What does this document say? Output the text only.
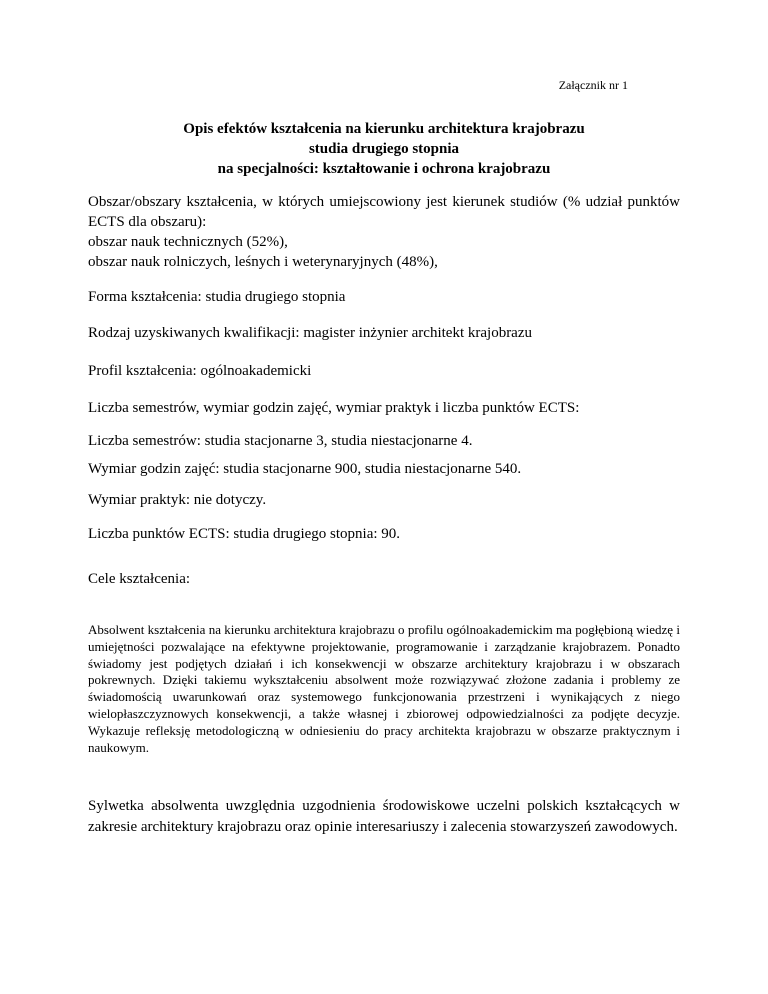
Załącznik nr 1
Opis efektów kształcenia na kierunku architektura krajobrazu
studia drugiego stopnia
na specjalności: kształtowanie i ochrona krajobrazu

Obszar/obszary kształcenia, w których umiejscowiony jest kierunek studiów (% udział punktów ECTS dla obszaru):

obszar nauk technicznych (52%),

obszar nauk rolniczych, leśnych i weterynaryjnych (48%),

Forma kształcenia: studia drugiego stopnia
Rodzaj uzyskiwanych kwalifikacji: magister inżynier architekt krajobrazu
Profil kształcenia: ogólnoakademicki
Liczba semestrów, wymiar godzin zajęć, wymiar praktyk i liczba punktów ECTS:
Liczba semestrów: studia stacjonarne 3, studia niestacjonarne 4.
Wymiar godzin zajęć: studia stacjonarne 900, studia niestacjonarne 540.
Wymiar praktyk: nie dotyczy.
Liczba punktów ECTS: studia drugiego stopnia: 90.
Cele kształcenia:
Absolwent kształcenia na kierunku architektura krajobrazu o profilu ogólnoakademickim ma pogłębioną wiedzę i umiejętności pozwalające na efektywne projektowanie, programowanie i zarządzanie krajobrazem. Ponadto świadomy jest podjętych działań i ich konsekwencji w obszarze architektury krajobrazu i w obszarach pokrewnych. Dzięki takiemu wykształceniu absolwent może rozwiązywać złożone zadania i problemy ze świadomością uwarunkowań oraz systemowego funkcjonowania przestrzeni i wynikających z niego wielopłaszczyznowych konsekwencji, a także własnej i zbiorowej odpowiedzialności za podjęte decyzje. Wykazuje refleksję metodologiczną w odniesieniu do pracy architekta krajobrazu w obszarze praktycznym i naukowym.
Sylwetka absolwenta uwzględnia uzgodnienia środowiskowe uczelni polskich kształcących w zakresie architektury krajobrazu oraz opinie interesariuszy i zalecenia stowarzyszeń zawodowych.
